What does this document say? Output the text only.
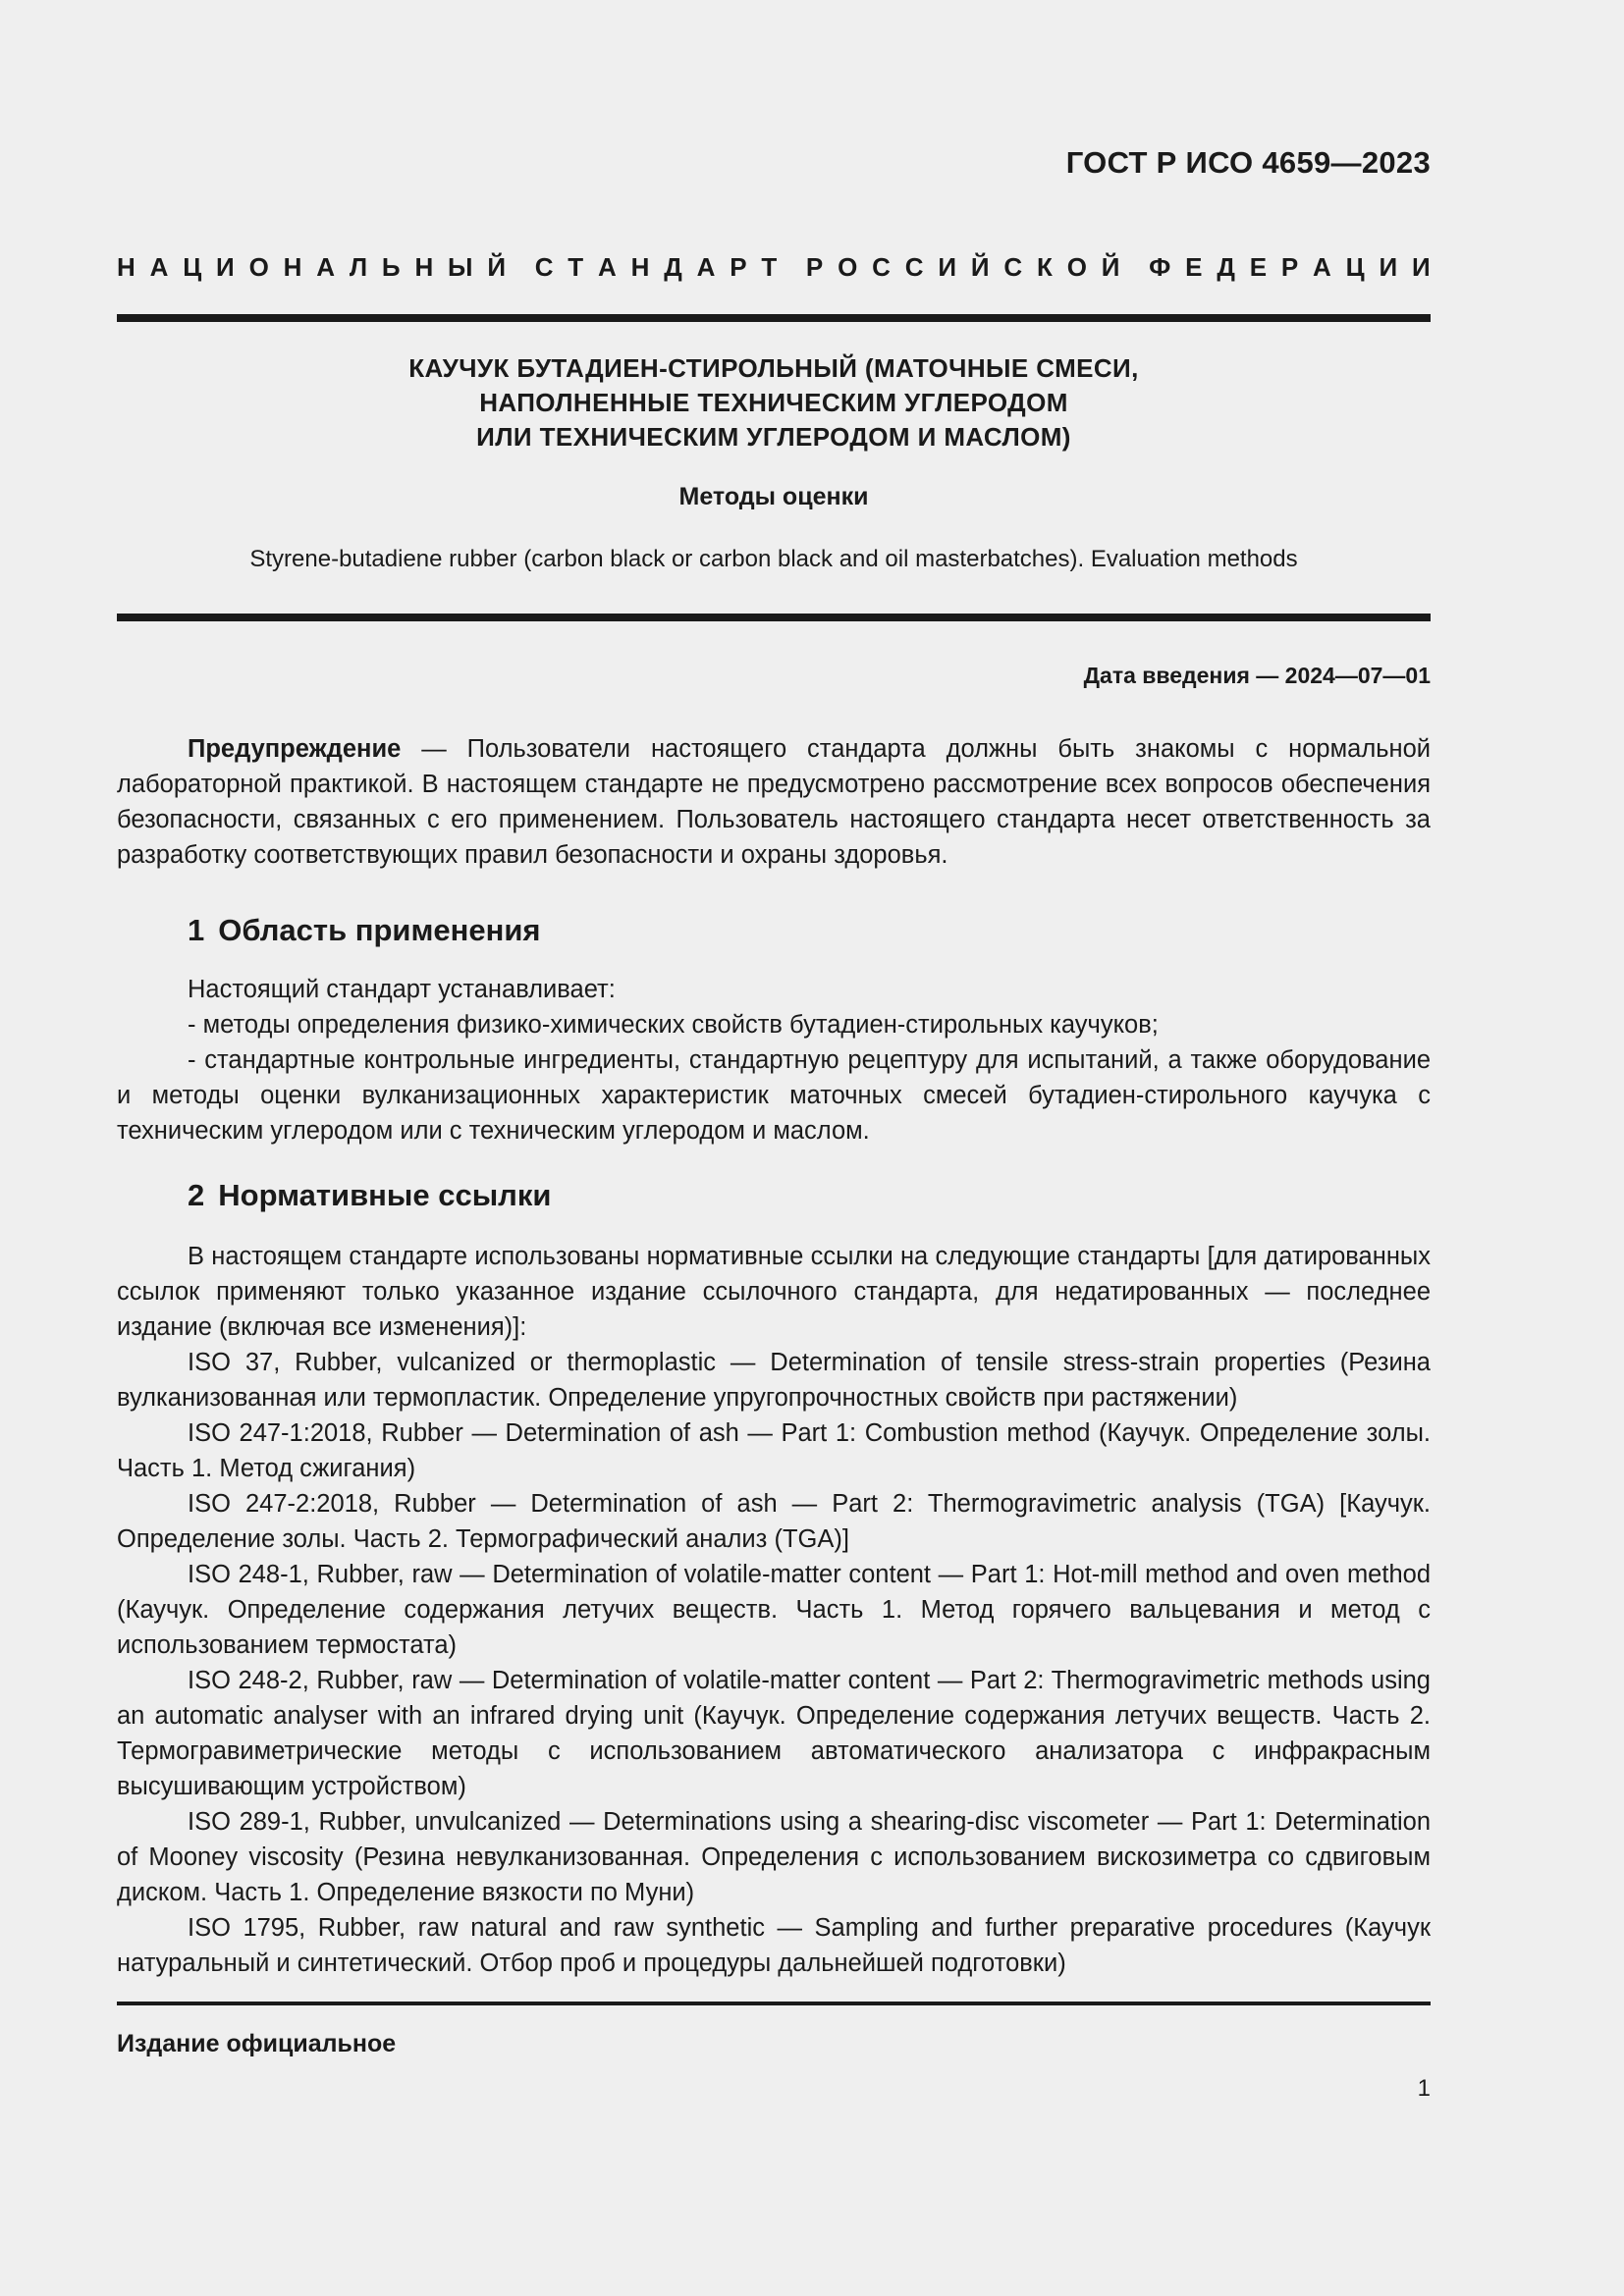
ГОСТ Р ИСО 4659—2023
Н А Ц И О Н А Л Ь Н Ы Й С Т А Н Д А Р Т Р О С С И Й С К О Й Ф Е Д Е Р А Ц И И
КАУЧУК БУТАДИЕН-СТИРОЛЬНЫЙ (МАТОЧНЫЕ СМЕСИ,
НАПОЛНЕННЫЕ ТЕХНИЧЕСКИМ УГЛЕРОДОМ
ИЛИ ТЕХНИЧЕСКИМ УГЛЕРОДОМ И МАСЛОМ)
Методы оценки
Styrene-butadiene rubber (carbon black or carbon black and oil masterbatches). Evaluation methods
Дата введения — 2024—07—01

Предупреждение — Пользователи настоящего стандарта должны быть знакомы с нормальной лабораторной практикой. В настоящем стандарте не предусмотрено рассмотрение всех вопросов обеспечения безопасности, связанных с его применением. Пользователь настоящего стандарта несет ответственность за разработку соответствующих правил безопасности и охраны здоровья.

1 Область применения

Настоящий стандарт устанавливает:

- методы определения физико-химических свойств бутадиен-стирольных каучуков;

- стандартные контрольные ингредиенты, стандартную рецептуру для испытаний, а также оборудование и методы оценки вулканизационных характеристик маточных смесей бутадиен-стирольного каучука с техническим углеродом или с техническим углеродом и маслом.

2 Нормативные ссылки

В настоящем стандарте использованы нормативные ссылки на следующие стандарты [для датированных ссылок применяют только указанное издание ссылочного стандарта, для недатированных — последнее издание (включая все изменения)]:

ISO 37, Rubber, vulcanized or thermoplastic — Determination of tensile stress-strain properties (Резина вулканизованная или термопластик. Определение упругопрочностных свойств при растяжении)

ISO 247-1:2018, Rubber — Determination of ash — Part 1: Combustion method (Каучук. Определение золы. Часть 1. Метод сжигания)

ISO 247-2:2018, Rubber — Determination of ash — Part 2: Thermogravimetric analysis (TGA) [Каучук. Определение золы. Часть 2. Термографический анализ (TGA)]

ISO 248-1, Rubber, raw — Determination of volatile-matter content — Part 1: Hot-mill method and oven method (Каучук. Определение содержания летучих веществ. Часть 1. Метод горячего вальцевания и метод с использованием термостата)

ISO 248-2, Rubber, raw — Determination of volatile-matter content — Part 2: Thermogravimetric methods using an automatic analyser with an infrared drying unit (Каучук. Определение содержания летучих веществ. Часть 2. Термогравиметрические методы с использованием автоматического анализатора с инфракрасным высушивающим устройством)

ISO 289-1, Rubber, unvulcanized — Determinations using a shearing-disc viscometer — Part 1: Determination of Mooney viscosity (Резина невулканизованная. Определения с использованием вискозиметра со сдвиговым диском. Часть 1. Определение вязкости по Муни)

ISO 1795, Rubber, raw natural and raw synthetic — Sampling and further preparative procedures (Каучук натуральный и синтетический. Отбор проб и процедуры дальнейшей подготовки)

Издание официальное
1
